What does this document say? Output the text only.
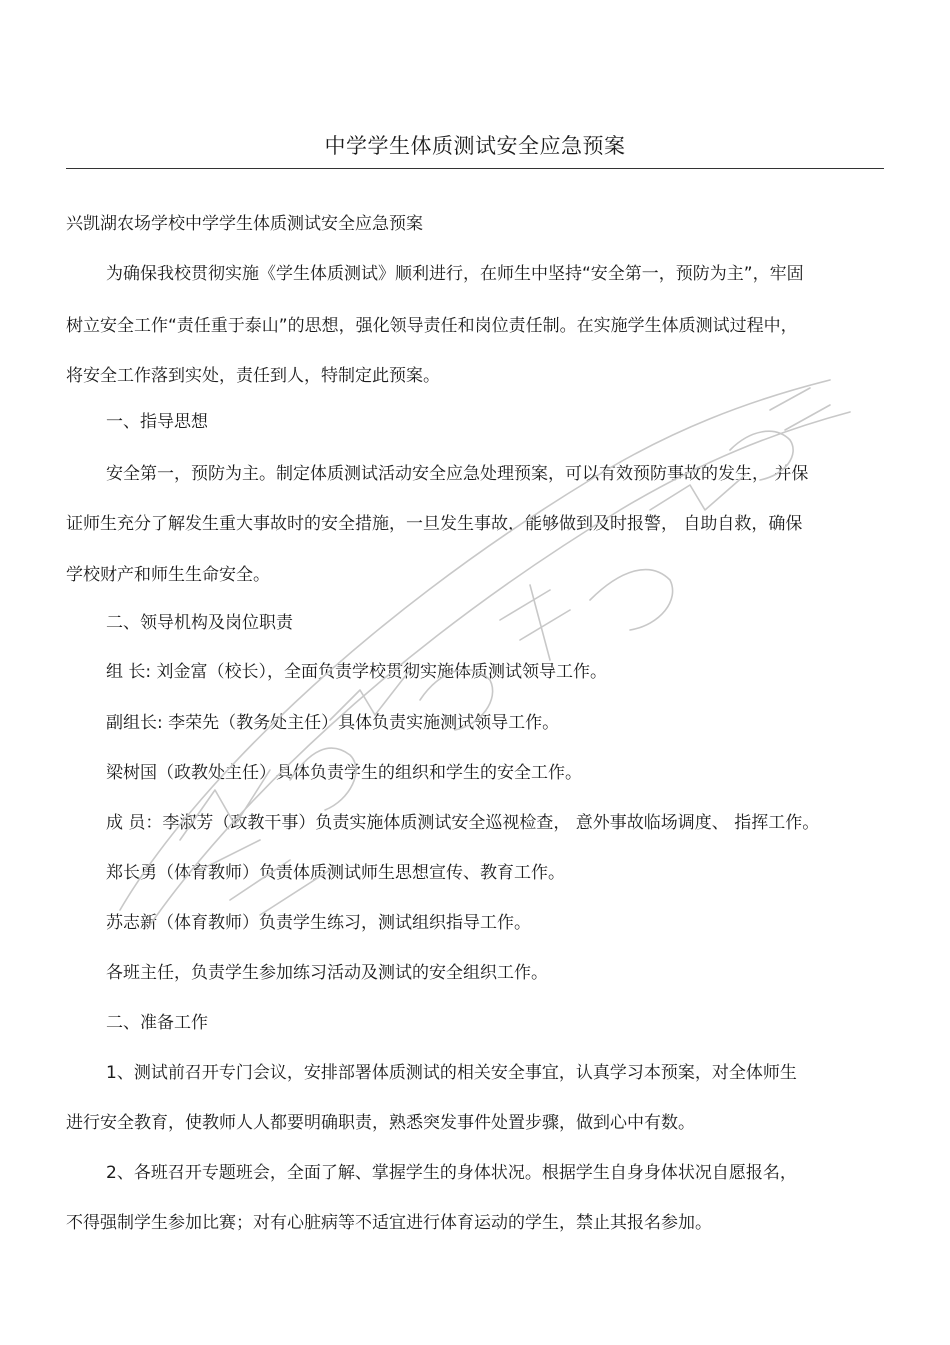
中学学生体质测试安全应急预案
兴凯湖农场学校中学学生体质测试安全应急预案
为确保我校贯彻实施《学生体质测试》顺利进行，在师生中坚持“安全第一，预防为主”，牢固
树立安全工作“责任重于泰山”的思想，强化领导责任和岗位责任制。在实施学生体质测试过程中，
将安全工作落到实处，责任到人，特制定此预案。
一、指导思想
安全第一，预防为主。制定体质测试活动安全应急处理预案，可以有效预防事故的发生， 并保
证师生充分了解发生重大事故时的安全措施，一旦发生事故，能够做到及时报警， 自助自救，确保
学校财产和师生生命安全。
二、领导机构及岗位职责
组 长: 刘金富（校长），全面负责学校贯彻实施体质测试领导工作。
副组长: 李荣先（教务处主任）具体负责实施测试领导工作。
梁树国（政教处主任）具体负责学生的组织和学生的安全工作。
成 员：李淑芳（政教干事）负责实施体质测试安全巡视检查， 意外事故临场调度、 指挥工作。
郑长勇（体育教师）负责体质测试师生思想宣传、教育工作。
苏志新（体育教师）负责学生练习，测试组织指导工作。
各班主任，负责学生参加练习活动及测试的安全组织工作。
二、准备工作
1、测试前召开专门会议，安排部署体质测试的相关安全事宜，认真学习本预案，对全体师生
进行安全教育，使教师人人都要明确职责，熟悉突发事件处置步骤，做到心中有数。
2、各班召开专题班会，全面了解、掌握学生的身体状况。根据学生自身身体状况自愿报名，
不得强制学生参加比赛；对有心脏病等不适宜进行体育运动的学生，禁止其报名参加。
